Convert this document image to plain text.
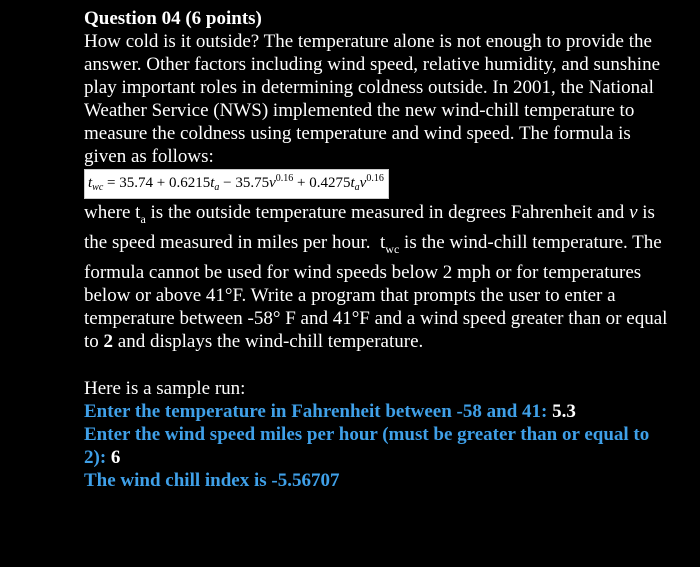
Question 04 (6 points)

How cold is it outside? The temperature alone is not enough to provide the answer. Other factors including wind speed, relative humidity, and sunshine play important roles in determining coldness outside. In 2001, the National Weather Service (NWS) implemented the new wind-chill temperature to measure the coldness using temperature and wind speed. The formula is given as follows:

$t_{wc} = 35.74 + 0.6215t_a - 35.75v^{0.16} + 0.4275t_av^{0.16}$

where $t_a$ is the outside temperature measured in degrees Fahrenheit and v is the speed measured in miles per hour.  $t_{wc}$ is the wind-chill temperature. The formula cannot be used for wind speeds below 2 mph or for temperatures below or above 41°F. Write a program that prompts the user to enter a temperature between -58° F and 41°F and a wind speed greater than or equal to 2 and displays the wind-chill temperature.

Here is a sample run:

Enter the temperature in Fahrenheit between -58 and 41: 5.3

Enter the wind speed miles per hour (must be greater than or equal to 2): 6

The wind chill index is -5.56707
